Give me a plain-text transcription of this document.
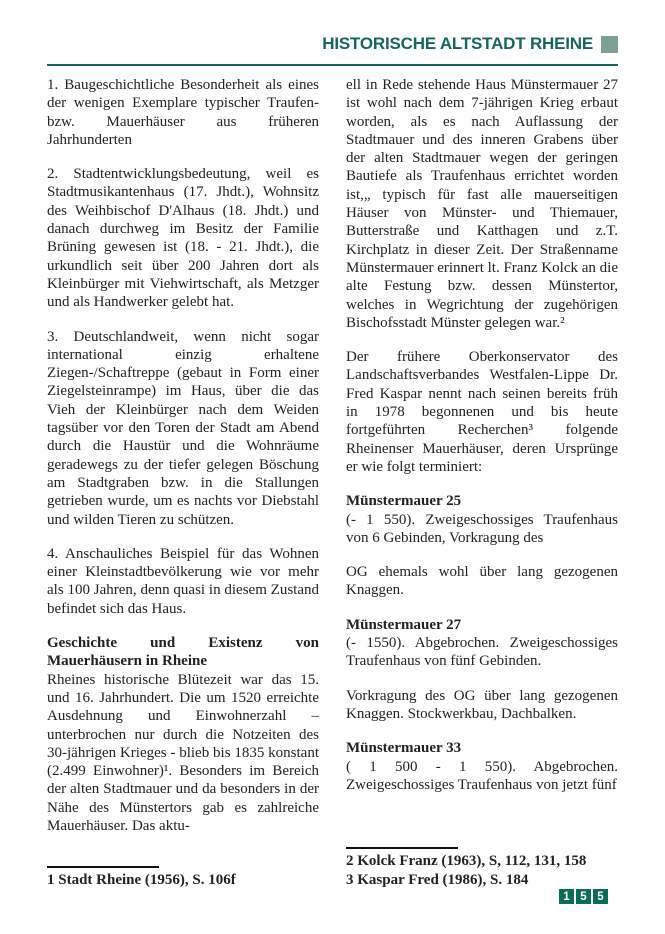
HISTORISCHE ALTSTADT RHEINE

1. Baugeschichtliche Besonderheit als eines der wenigen Exemplare typischer Traufen- bzw. Mauerhäuser aus früheren Jahrhunderten

2. Stadtentwicklungsbedeutung, weil es Stadtmusikantenhaus (17. Jhdt.), Wohnsitz des Weihbischof D'Alhaus (18. Jhdt.) und danach durchweg im Besitz der Familie Brüning gewesen ist (18. - 21. Jhdt.), die urkundlich seit über 200 Jahren dort als Kleinbürger mit Viehwirtschaft, als Metzger und als Handwerker gelebt hat.

3. Deutschlandweit, wenn nicht sogar international einzig erhaltene Ziegen-/Schaftreppe (gebaut in Form einer Ziegelsteinrampe) im Haus, über die das Vieh der Kleinbürger nach dem Weiden tagsüber vor den Toren der Stadt am Abend durch die Haustür und die Wohnräume geradewegs zu der tiefer gelegen Böschung am Stadtgraben bzw. in die Stallungen getrieben wurde, um es nachts vor Diebstahl und wilden Tieren zu schützen.

4. Anschauliches Beispiel für das Wohnen einer Kleinstadtbevölkerung wie vor mehr als 100 Jahren, denn quasi in diesem Zustand befindet sich das Haus.

Geschichte und Existenz von Mauerhäusern in Rheine

Rheines historische Blütezeit war das 15. und 16. Jahrhundert. Die um 1520 erreichte Ausdehnung und Einwohnerzahl – unterbrochen nur durch die Notzeiten des 30-jährigen Krieges - blieb bis 1835 konstant (2.499 Einwohner)¹. Besonders im Bereich der alten Stadtmauer und da besonders in der Nähe des Münstertors gab es zahlreiche Mauerhäuser. Das aktu-

1 Stadt Rheine (1956), S. 106f

ell in Rede stehende Haus Münstermauer 27 ist wohl nach dem 7-jährigen Krieg erbaut worden, als es nach Auflassung der Stadtmauer und des inneren Grabens über der alten Stadtmauer wegen der geringen Bautiefe als Traufenhaus errichtet worden ist,„ typisch für fast alle mauerseitigen Häuser von Münster- und Thiemauer, Butterstraße und Katthagen und z.T. Kirchplatz in dieser Zeit. Der Straßenname Münstermauer erinnert lt. Franz Kolck an die alte Festung bzw. dessen Münstertor, welches in Wegrichtung der zugehörigen Bischofsstadt Münster gelegen war.²

Der frühere Oberkonservator des Landschaftsverbandes Westfalen-Lippe Dr. Fred Kaspar nennt nach seinen bereits früh in 1978 begonnenen und bis heute fortgeführten Recherchen³ folgende Rheinenser Mauerhäuser, deren Ursprünge er wie folgt terminiert:

Münstermauer 25

(- 1 550). Zweigeschossiges Traufenhaus von 6 Gebinden, Vorkragung des

OG ehemals wohl über lang gezogenen Knaggen.

Münstermauer 27

(- 1550). Abgebrochen. Zweigeschossiges Traufenhaus von fünf Gebinden.

Vorkragung des OG über lang gezogenen Knaggen. Stockwerkbau, Dachbalken.

Münstermauer 33

( 1 500 - 1 550). Abgebrochen. Zweigeschossiges Traufenhaus von jetzt fünf

2 Kolck Franz (1963), S, 112, 131, 158
3 Kaspar Fred (1986), S. 184
1 5 5
